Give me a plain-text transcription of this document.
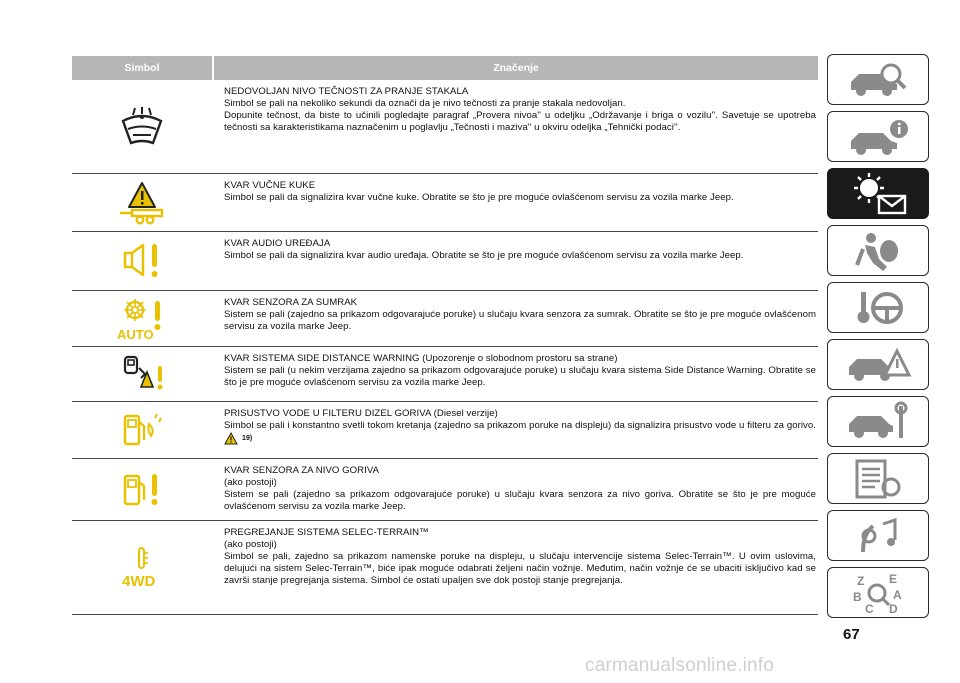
Simbol	Značenje
NEDOVOLJAN NIVO TEČNOSTI ZA PRANJE STAKALA
Simbol se pali na nekoliko sekundi da označi da je nivo tečnosti za pranje stakala nedovoljan.
Dopunite tečnost, da biste to učinili pogledajte paragraf „Provera nivoa'' u odeljku „Održavanje i briga o vozilu''. Savetuje se upotreba tečnosti sa karakteristikama naznačenim u poglavlju „Tečnosti i maziva'' u okviru odeljka „Tehnički podaci''.
KVAR VUČNE KUKE
Simbol se pali da signalizira kvar vučne kuke. Obratite se što je pre moguće ovlašćenom servisu za vozila marke Jeep.
KVAR AUDIO UREĐAJA
Simbol se pali da signalizira kvar audio uređaja. Obratite se što je pre moguće ovlašćenom servisu za vozila marke Jeep.
AUTO
KVAR SENZORA ZA SUMRAK
Sistem se pali (zajedno sa prikazom odgovarajuće poruke) u slučaju kvara senzora za sumrak. Obratite se što je pre moguće ovlašćenom servisu za vozila marke Jeep.
KVAR SISTEMA SIDE DISTANCE WARNING (Upozorenje o slobodnom prostoru sa strane)
Sistem se pali (u nekim verzijama zajedno sa prikazom odgovarajuće poruke) u slučaju kvara sistema Side Distance Warning. Obratite se što je pre moguće ovlašćenom servisu za vozila marke Jeep.
PRISUSTVO VODE U FILTERU DIZEL GORIVA (Diesel verzije)
Simbol se pali i konstantno svetli tokom kretanja (zajedno sa prikazom poruke na displeju) da signalizira prisustvo vode u filteru za gorivo.
19)
KVAR SENZORA ZA NIVO GORIVA
(ako postoji)
Sistem se pali (zajedno sa prikazom odgovarajuće poruke) u slučaju kvara senzora za nivo goriva. Obratite se što je pre moguće ovlašćenom servisu za vozila marke Jeep.
4WD
PREGREJANJE SISTEMA SELEC-TERRAIN™
(ako postoji)
Simbol se pali, zajedno sa prikazom namenske poruke na displeju, u slučaju intervencije sistema Selec-Terrain™. U ovim uslovima, delujući na sistem Selec-Terrain™, biće ipak moguće odabrati željeni način vožnje. Međutim, način vožnje će se ubaciti isključivo kad se završi stanje pregrejanja sistema. Simbol će ostati upaljen sve dok postoji stanje pregrejanja.	Z E
B	A
C D
67
carmanualsonline.info
